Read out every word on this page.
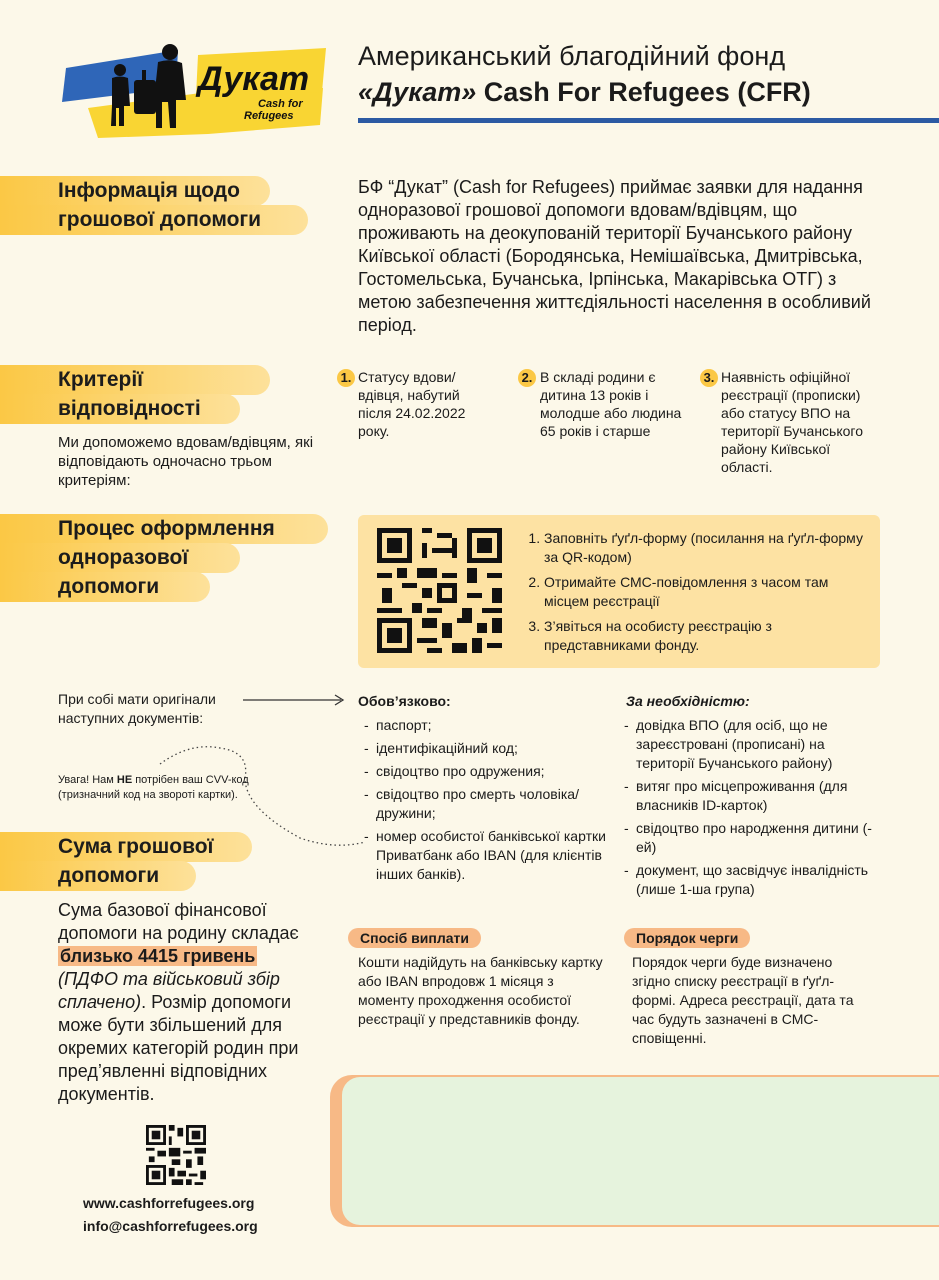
Дукат
Cash for
Refugees
Американський благодійний фонд
«Дукат» Cash For Refugees (CFR)
Інформація щодо
грошової допомоги
БФ “Дукат” (Cash for Refugees) приймає заявки для надання одноразової грошової допомоги вдовам/вдівцям, що проживають на деокупованій території Бучанського району Київської області (Бородянська, Немішаївська, Дмитрівська, Гостомельська, Бучанська, Ірпінська, Макарівська ОТГ) з метою забезпечення життєдіяльності населення в особливий період.
Критерії
відповідності
Ми допоможемо вдовам/вдівцям, які відповідають одночасно трьом критеріям:
1. Статусу вдови/ вдівця, набутий після 24.02.2022 року.
2. В складі родини є дитина 13 років і молодше або людина 65 років і старше
3. Наявність офіційної реєстрації (прописки) або статусу ВПО на території Бучанського району Київської області.
Процес оформлення
одноразової
допомоги
1. Заповніть ґуґл-форму (посилання на ґуґл-форму за QR-кодом)
2. Отримайте СМС-повідомлення з часом там місцем реєстрації
3. З’явіться на особисту реєстрацію з представниками фонду.
При собі мати оригінали наступних документів:
Увага! Нам НЕ потрібен ваш CVV-код (тризначний код на звороті картки).
Обов’язково:
- паспорт;
- ідентифікаційний код;
- свідоцтво про одружения;
- свідоцтво про смерть чоловіка/ дружини;
- номер особистої банківської картки Приватбанк або IBAN (для клієнтів інших банків).
За необхідністю:
- довідка ВПО (для осіб, що не зареєстровані (прописані) на території Бучанського району)
- витяг про місцепроживання (для власників ID-карток)
- свідоцтво про народження дитини (-ей)
- документ, що засвідчує інвалідність (лише 1-ша група)
Сума грошової
допомоги
Сума базової фінансової допомоги на родину складає близько 4415 гривень (ПДФО та військовий збір сплачено). Розмір допомоги може бути збільшений для окремих категорій родин при пред’явленні відповідних документів.
www.cashforrefugees.org
info@cashforrefugees.org
Спосіб виплати
Кошти надійдуть на банківську картку або IBAN впродовж 1 місяця з моменту проходження особистої реєстрації у представників фонду.
Порядок черги
Порядок черги буде визначено згідно списку реєстрації в ґуґл-формі. Адреса реєстрації, дата та час будуть зазначені в СМС-сповіщенні.
